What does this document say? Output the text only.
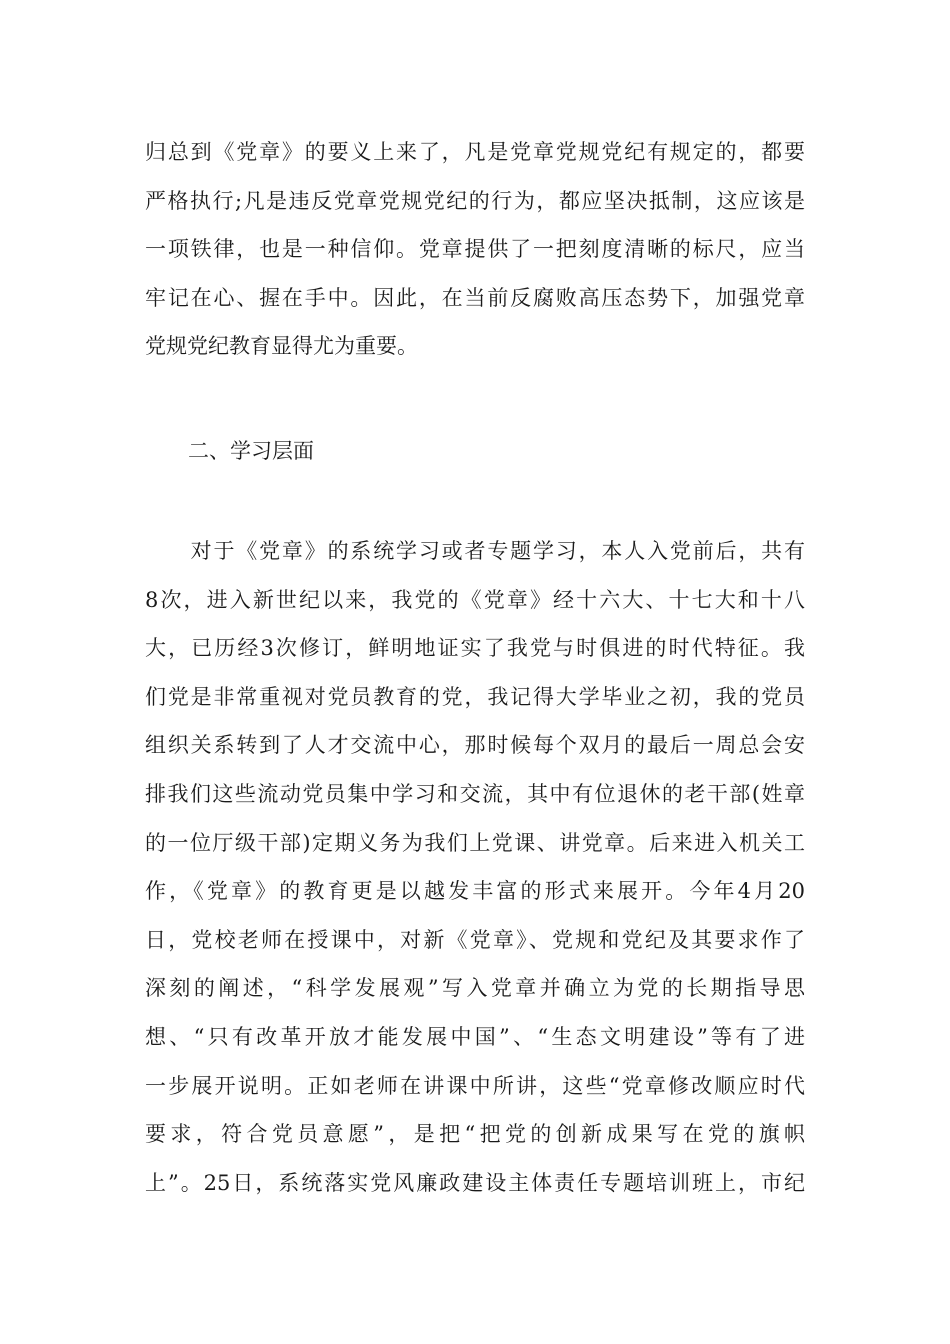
归总到《党章》的要义上来了，凡是党章党规党纪有规定的，都要
严格执行;凡是违反党章党规党纪的行为，都应坚决抵制，这应该是
一项铁律，也是一种信仰。党章提供了一把刻度清晰的标尺，应当
牢记在心、握在手中。因此，在当前反腐败高压态势下，加强党章
党规党纪教育显得尤为重要。
二、学习层面
　　对于《党章》的系统学习或者专题学习，本人入党前后，共有
8次，进入新世纪以来，我党的《党章》经十六大、十七大和十八
大，已历经3次修订，鲜明地证实了我党与时俱进的时代特征。我
们党是非常重视对党员教育的党，我记得大学毕业之初，我的党员
组织关系转到了人才交流中心，那时候每个双月的最后一周总会安
排我们这些流动党员集中学习和交流，其中有位退休的老干部(姓章
的一位厅级干部)定期义务为我们上党课、讲党章。后来进入机关工
作，《党章》的教育更是以越发丰富的形式来展开。今年4月20
日，党校老师在授课中，对新《党章》、党规和党纪及其要求作了
深刻的阐述，“科学发展观”写入党章并确立为党的长期指导思
想、“只有改革开放才能发展中国”、“生态文明建设”等有了进
一步展开说明。正如老师在讲课中所讲，这些“党章修改顺应时代
要求，符合党员意愿”，是把“把党的创新成果写在党的旗帜
上”。25日，系统落实党风廉政建设主体责任专题培训班上，市纪
